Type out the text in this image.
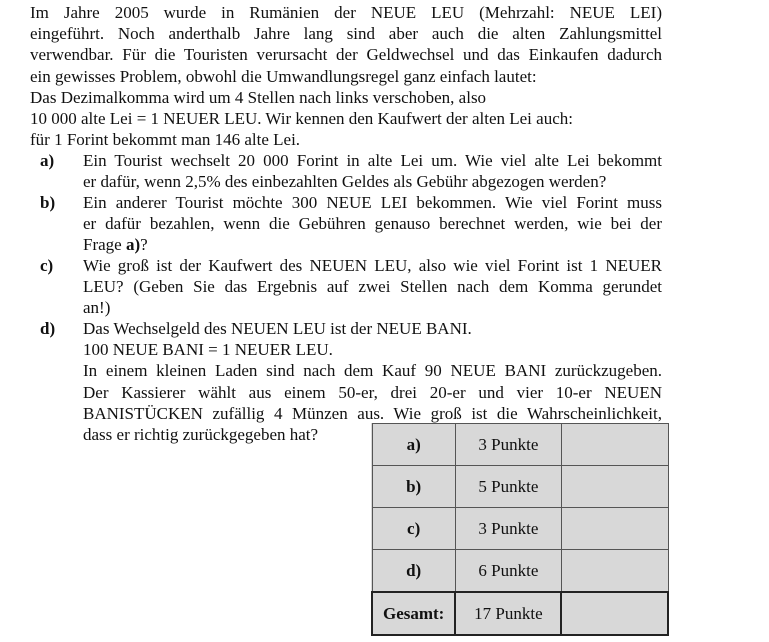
Im Jahre 2005 wurde in Rumänien der NEUE LEU (Mehrzahl: NEUE LEI)
eingeführt. Noch anderthalb Jahre lang sind aber auch die alten Zahlungsmittel
verwendbar. Für die Touristen verursacht der Geldwechsel und das Einkaufen dadurch
ein gewisses Problem, obwohl die Umwandlungsregel ganz einfach lautet:
Das Dezimalkomma wird um 4 Stellen nach links verschoben, also
10 000 alte Lei = 1 NEUER LEU. Wir kennen den Kaufwert der alten Lei auch:
für 1 Forint bekommt man 146 alte Lei.
a) Ein Tourist wechselt 20 000 Forint in alte Lei um. Wie viel alte Lei bekommt
er dafür, wenn 2,5% des einbezahlten Geldes als Gebühr abgezogen werden?
b) Ein anderer Tourist möchte 300 NEUE LEI bekommen. Wie viel Forint muss
er dafür bezahlen, wenn die Gebühren genauso berechnet werden, wie bei der
Frage a)?
c) Wie groß ist der Kaufwert des NEUEN LEU, also wie viel Forint ist 1 NEUER
LEU? (Geben Sie das Ergebnis auf zwei Stellen nach dem Komma gerundet
an!)
d) Das Wechselgeld des NEUEN LEU ist der NEUE BANI.
100 NEUE BANI = 1 NEUER LEU.
In einem kleinen Laden sind nach dem Kauf 90 NEUE BANI zurückzugeben.
Der Kassierer wählt aus einem 50-er, drei 20-er und vier 10-er NEUEN
BANISTÜCKEN zufällig 4 Münzen aus. Wie groß ist die Wahrscheinlichkeit,
dass er richtig zurückgegeben hat?	a)	3 Punkte	
b)	5 Punkte	
c)	3 Punkte	
d)	6 Punkte	
Gesamt:	17 Punkte	
